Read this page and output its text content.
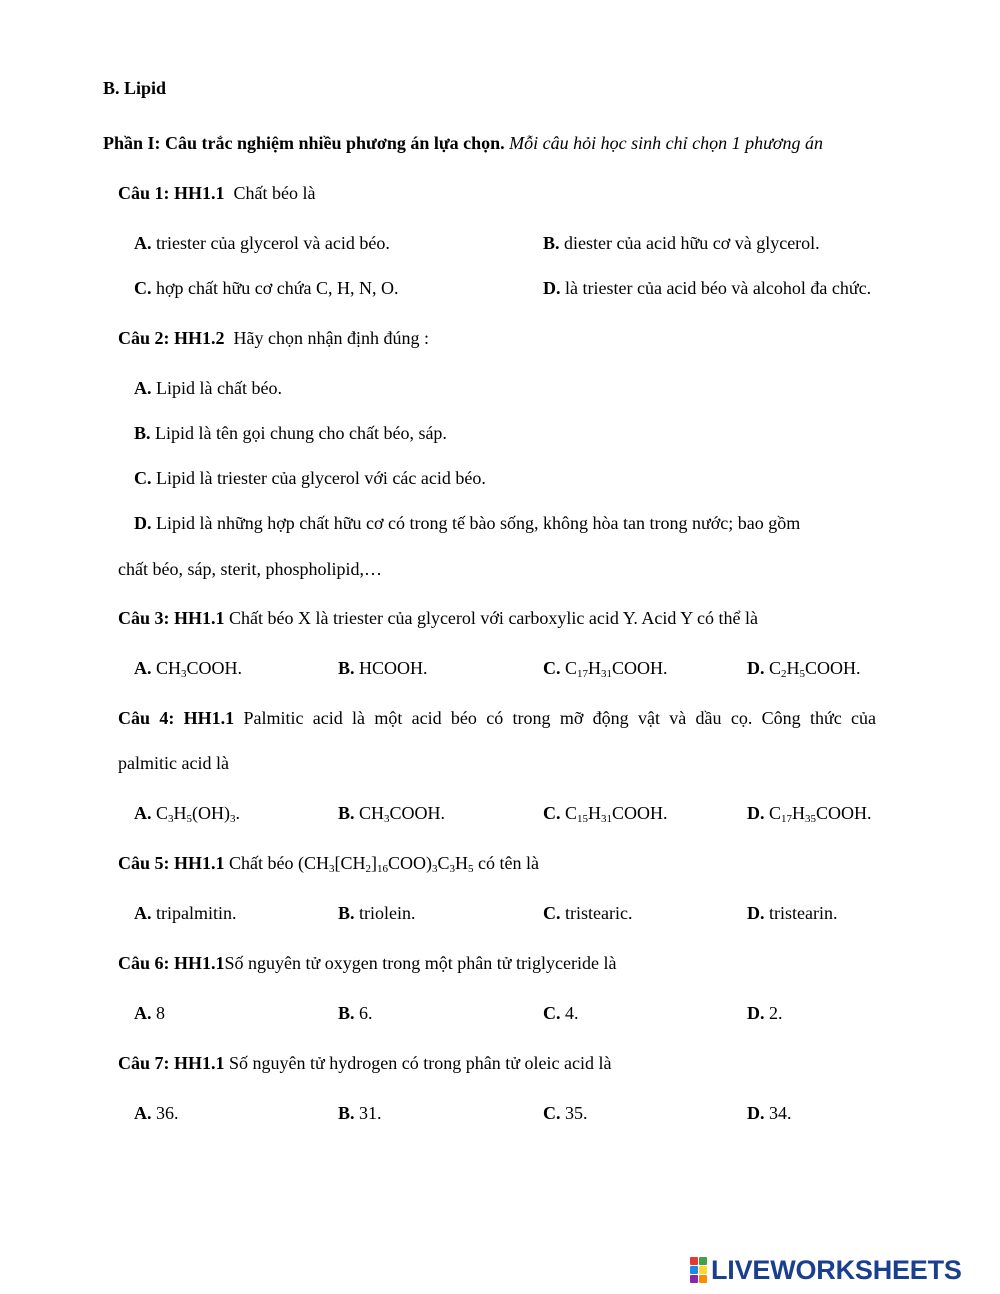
B. Lipid
Phần I: Câu trắc nghiệm nhiều phương án lựa chọn. Mỗi câu hỏi học sinh chỉ chọn 1 phương án
Câu 1: HH1.1 Chất béo là
A. triester của glycerol và acid béo.	B. diester của acid hữu cơ và glycerol.
C. hợp chất hữu cơ chứa C, H, N, O.	D. là triester của acid béo và alcohol đa chức.
Câu 2: HH1.2 Hãy chọn nhận định đúng :
A. Lipid là chất béo.
B. Lipid là tên gọi chung cho chất béo, sáp.
C. Lipid là triester của glycerol với các acid béo.
D. Lipid là những hợp chất hữu cơ có trong tế bào sống, không hòa tan trong nước; bao gồm
chất béo, sáp, sterit, phospholipid,…
Câu 3: HH1.1 Chất béo X là triester của glycerol với carboxylic acid Y. Acid Y có thể là
A. $CH_3COOH$.	B. HCOOH.	C. $C_{17}H_{31}COOH$.	D. $C_2H_5COOH$.
Câu 4: HH1.1 Palmitic acid là một acid béo có trong mỡ động vật và dầu cọ. Công thức của
palmitic acid là
A. $C_3H_5(OH)_3$.	B. $CH_3COOH$.	C. $C_{15}H_{31}COOH$.	D. $C_{17}H_{35}COOH$.
Câu 5: HH1.1 Chất béo $(CH_3[CH_2]_{16}COO)_3C_3H_5$ có tên là
A. tripalmitin.	B. triolein.	C. tristearic.	D. tristearin.
Câu 6: HH1.1Số nguyên tử oxygen trong một phân tử triglyceride là
A. 8	B. 6.	C. 4.	D. 2.
Câu 7: HH1.1 Số nguyên tử hydrogen có trong phân tử oleic acid là
A. 36.	B. 31.	C. 35.	D. 34.
LIVEWORKSHEETS
